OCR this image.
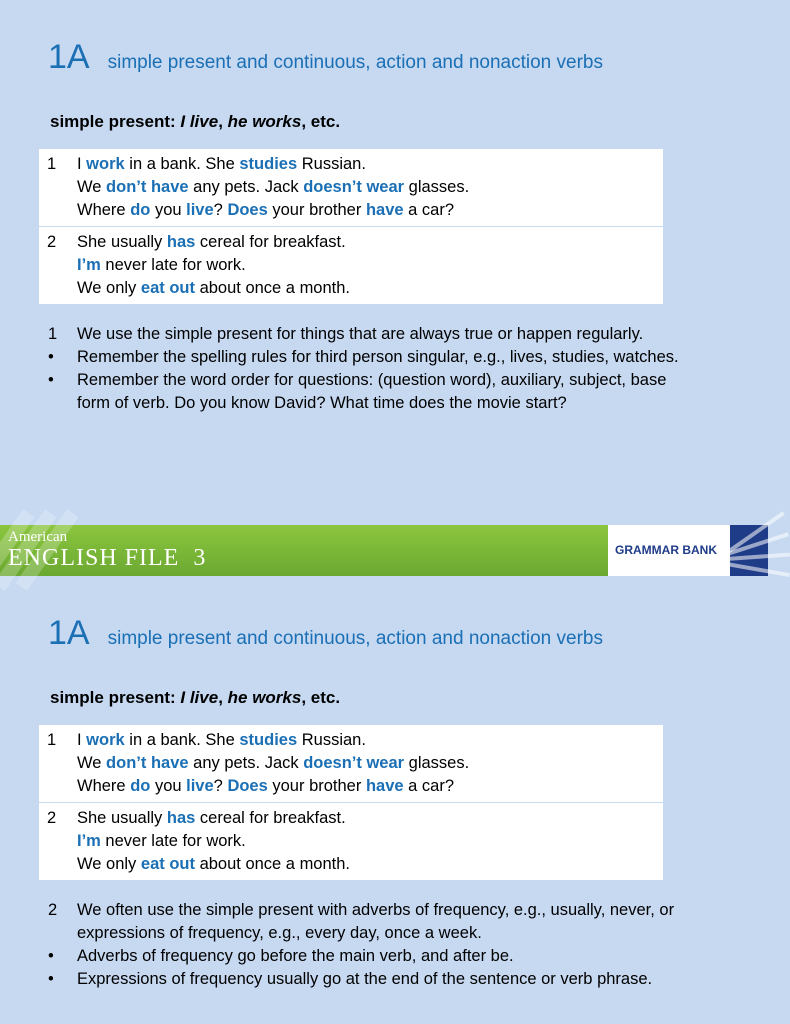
1A simple present and continuous, action and nonaction verbs
simple present: I live, he works, etc.
1 I work in a bank. She studies Russian.
We don’t have any pets. Jack doesn’t wear glasses.
Where do you live? Does your brother have a car?
2 She usually has cereal for breakfast.
I’m never late for work.
We only eat out about once a month.
1 We use the simple present for things that are always true or happen regularly.
• Remember the spelling rules for third person singular, e.g., lives, studies, watches.
• Remember the word order for questions: (question word), auxiliary, subject, base form of verb. Do you know David? What time does the movie start?
American
ENGLISH FILE 3	GRAMMAR BANK
1A simple present and continuous, action and nonaction verbs
simple present: I live, he works, etc.
1 I work in a bank. She studies Russian.
We don’t have any pets. Jack doesn’t wear glasses.
Where do you live? Does your brother have a car?
2 She usually has cereal for breakfast.
I’m never late for work.
We only eat out about once a month.
2 We often use the simple present with adverbs of frequency, e.g., usually, never, or expressions of frequency, e.g., every day, once a week.
• Adverbs of frequency go before the main verb, and after be.
• Expressions of frequency usually go at the end of the sentence or verb phrase.
